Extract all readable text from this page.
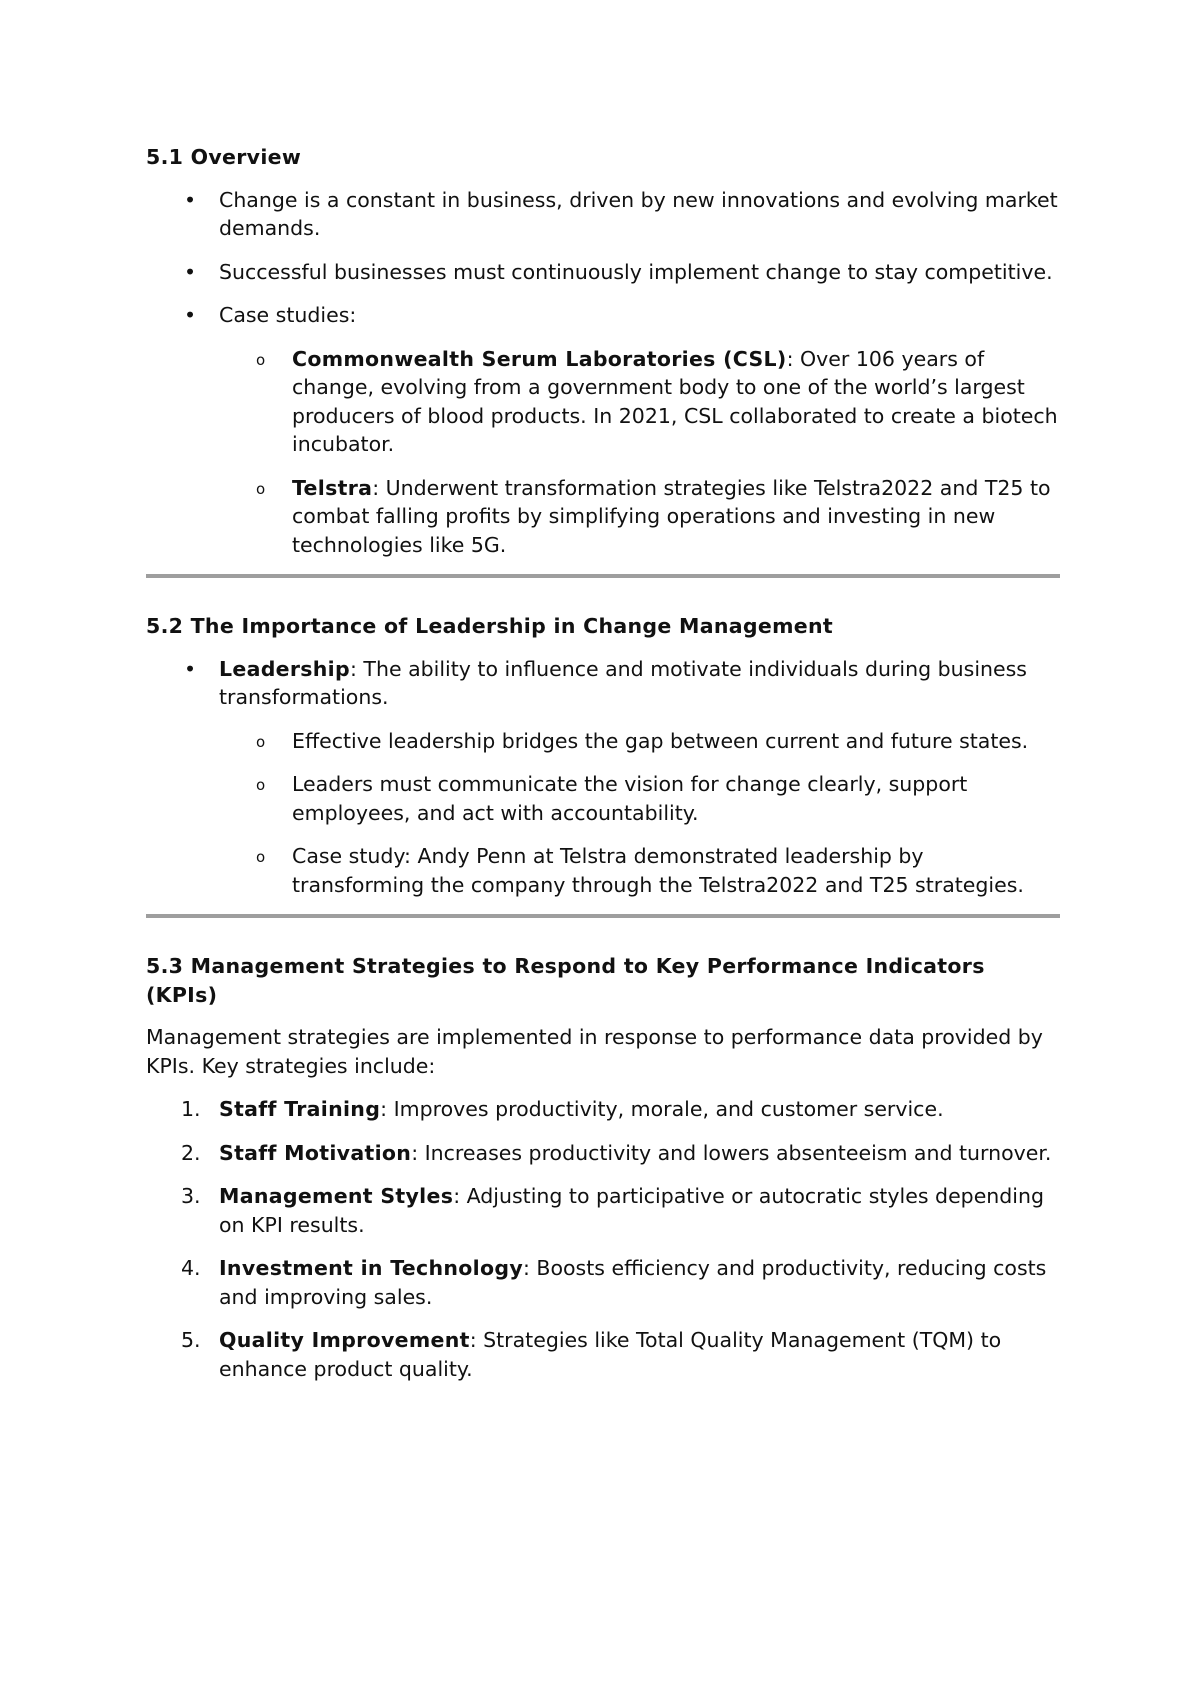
5.1 Overview
•	Change is a constant in business, driven by new innovations and evolving market demands.
•	Successful businesses must continuously implement change to stay competitive.
•	Case studies:
o Commonwealth Serum Laboratories (CSL): Over 106 years of change, evolving from a government body to one of the world’s largest producers of blood products. In 2021, CSL collaborated to create a biotech incubator.
o Telstra: Underwent transformation strategies like Telstra2022 and T25 to combat falling profits by simplifying operations and investing in new technologies like 5G.
5.2 The Importance of Leadership in Change Management
•	Leadership: The ability to influence and motivate individuals during business transformations.
o Effective leadership bridges the gap between current and future states.
o Leaders must communicate the vision for change clearly, support employees, and act with accountability.
o Case study: Andy Penn at Telstra demonstrated leadership by transforming the company through the Telstra2022 and T25 strategies.
5.3 Management Strategies to Respond to Key Performance Indicators (KPIs)

Management strategies are implemented in response to performance data provided by KPIs. Key strategies include:

1. Staff Training: Improves productivity, morale, and customer service.
2. Staff Motivation: Increases productivity and lowers absenteeism and turnover.
3. Management Styles: Adjusting to participative or autocratic styles depending on KPI results.
4. Investment in Technology: Boosts efficiency and productivity, reducing costs and improving sales.
5. Quality Improvement: Strategies like Total Quality Management (TQM) to enhance product quality.
